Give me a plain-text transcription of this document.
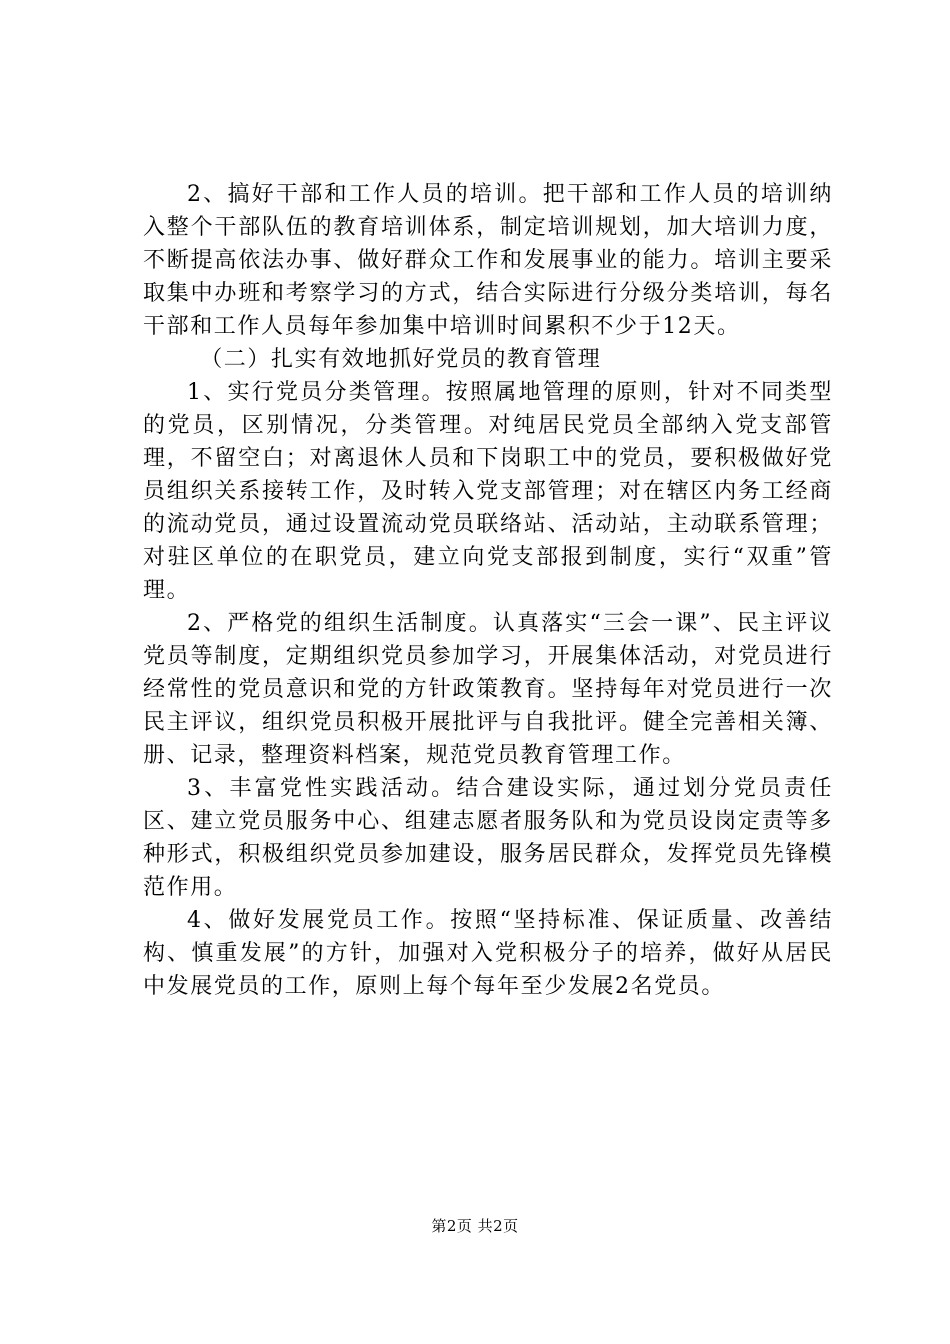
2、搞好干部和工作人员的培训。把干部和工作人员的培训纳入整个干部队伍的教育培训体系，制定培训规划，加大培训力度，不断提高依法办事、做好群众工作和发展事业的能力。培训主要采取集中办班和考察学习的方式，结合实际进行分级分类培训，每名干部和工作人员每年参加集中培训时间累积不少于12天。

（二）扎实有效地抓好党员的教育管理

1、实行党员分类管理。按照属地管理的原则，针对不同类型的党员，区别情况，分类管理。对纯居民党员全部纳入党支部管理，不留空白；对离退休人员和下岗职工中的党员，要积极做好党员组织关系接转工作，及时转入党支部管理；对在辖区内务工经商的流动党员，通过设置流动党员联络站、活动站，主动联系管理；对驻区单位的在职党员，建立向党支部报到制度，实行“双重”管理。

2、严格党的组织生活制度。认真落实“三会一课”、民主评议党员等制度，定期组织党员参加学习，开展集体活动，对党员进行经常性的党员意识和党的方针政策教育。坚持每年对党员进行一次民主评议，组织党员积极开展批评与自我批评。健全完善相关簿、册、记录，整理资料档案，规范党员教育管理工作。

3、丰富党性实践活动。结合建设实际，通过划分党员责任区、建立党员服务中心、组建志愿者服务队和为党员设岗定责等多种形式，积极组织党员参加建设，服务居民群众，发挥党员先锋模范作用。

4、做好发展党员工作。按照“坚持标准、保证质量、改善结构、慎重发展”的方针，加强对入党积极分子的培养，做好从居民中发展党员的工作，原则上每个每年至少发展2名党员。

第2页 共2页
